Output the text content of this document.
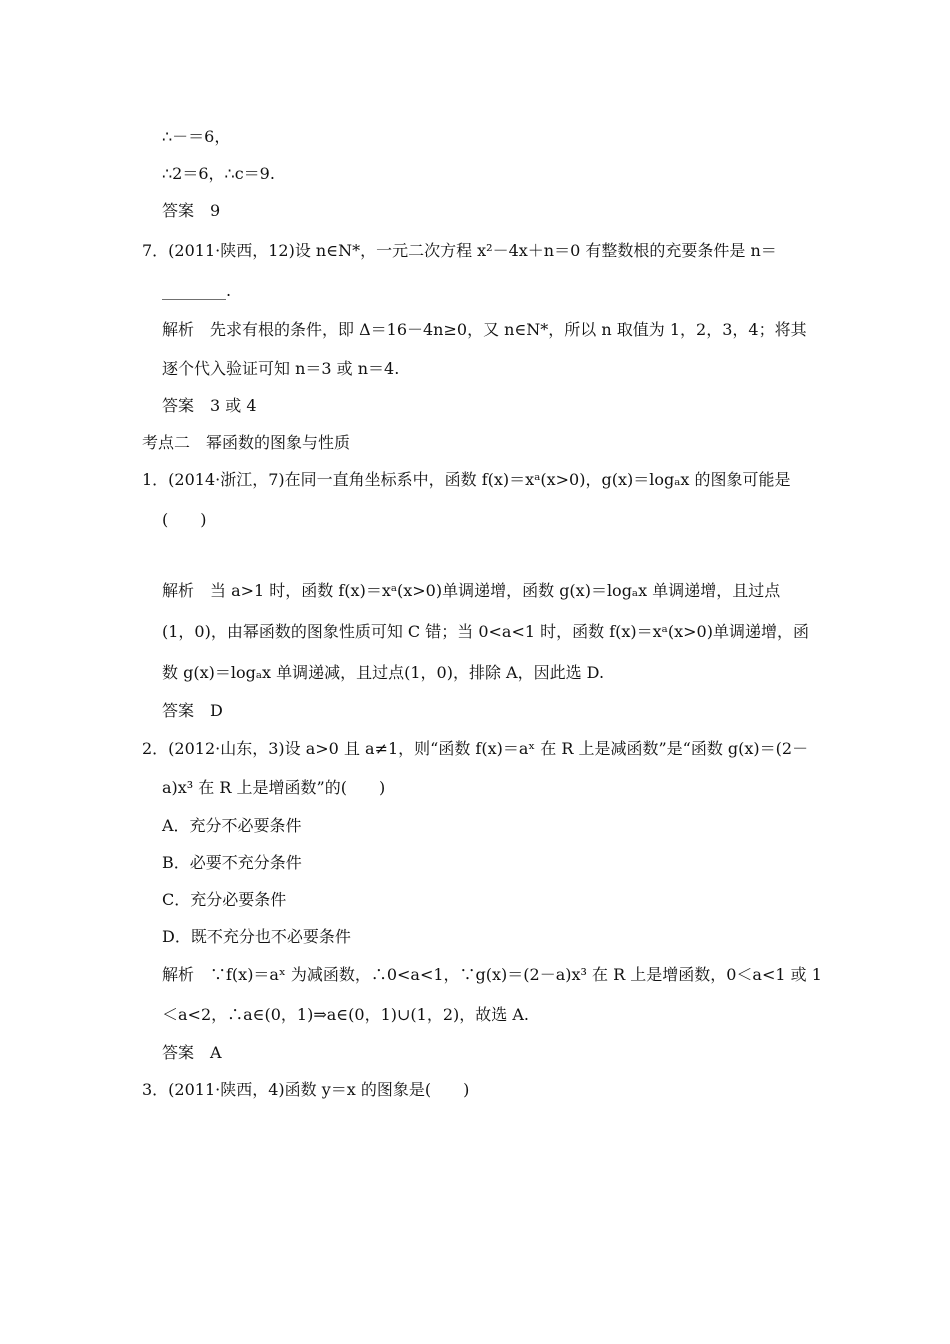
∴－＝6，
∴2＝6，∴c＝9.
答案　9
7．(2011·陕西，12)设 n∈N*，一元二次方程 x²－4x＋n＝0 有整数根的充要条件是 n＝
________.
解析　先求有根的条件，即 Δ＝16－4n≥0，又 n∈N*，所以 n 取值为 1，2，3，4；将其
逐个代入验证可知 n＝3 或 n＝4.
答案　3 或 4
考点二　幂函数的图象与性质
1．(2014·浙江，7)在同一直角坐标系中，函数 f(x)＝xᵃ(x>0)，g(x)＝logₐx 的图象可能是
(　　)
解析　当 a>1 时，函数 f(x)＝xᵃ(x>0)单调递增，函数 g(x)＝logₐx 单调递增，且过点
(1，0)，由幂函数的图象性质可知 C 错；当 0<a<1 时，函数 f(x)＝xᵃ(x>0)单调递增，函
数 g(x)＝logₐx 单调递减，且过点(1，0)，排除 A，因此选 D.
答案　D
2．(2012·山东，3)设 a>0 且 a≠1，则“函数 f(x)＝aˣ 在 R 上是减函数”是“函数 g(x)＝(2－
a)x³ 在 R 上是增函数”的(　　)
A．充分不必要条件
B．必要不充分条件
C．充分必要条件
D．既不充分也不必要条件
解析　∵f(x)＝aˣ 为减函数，∴0<a<1，∵g(x)＝(2－a)x³ 在 R 上是增函数，0＜a<1 或 1
＜a<2，∴a∈(0，1)⇒a∈(0，1)∪(1，2)，故选 A.
答案　A
3．(2011·陕西，4)函数 y＝x 的图象是(　　)
